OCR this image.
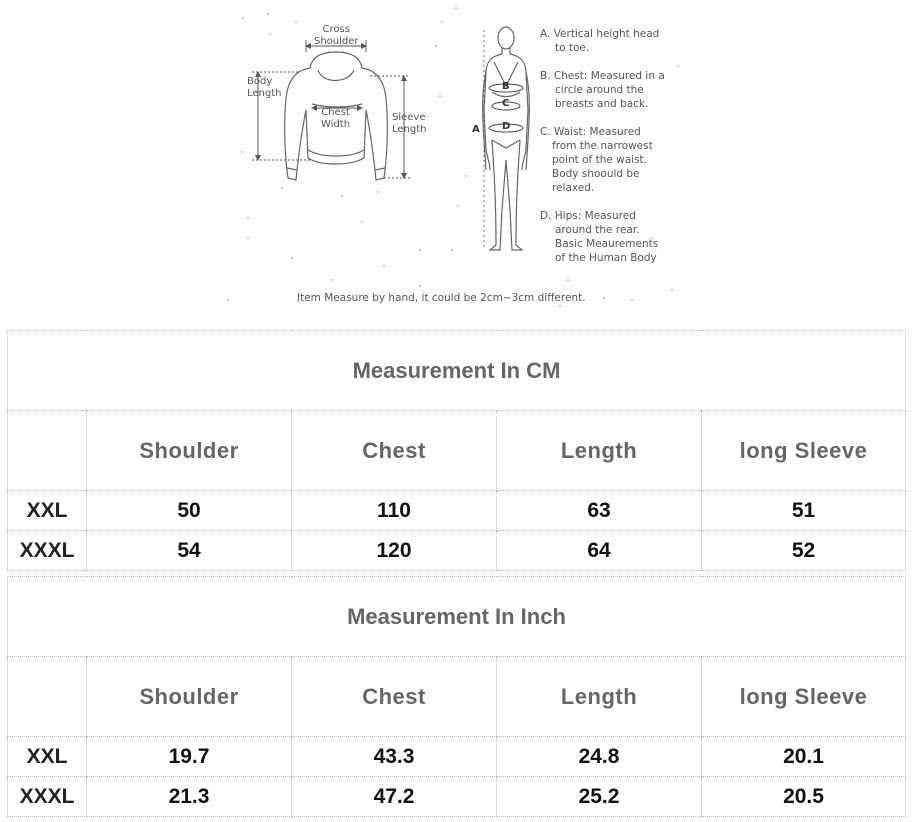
Cross
Shoulder
Body
Length
Chest
Width
Sleeve
Length	A
B
C
D
A. Vertical height head
to toe.
B. Chest: Measured in a
circle around the
breasts and back.
C. Waist: Measured
from the narrowest
point of the waist.
Body shoould be
relaxed.
D. Hips: Measured
around the rear.
Basic Meaurements
of the Human Body
Item Measure by hand, it could be 2cm~3cm different.
Measurement In CM				
	Shoulder	Chest	Length	long Sleeve
XXL	50	110	63	51
XXXL	54	120	64	52
Measurement In Inch				
	Shoulder	Chest	Length	long Sleeve
XXL	19.7	43.3	24.8	20.1
XXXL	21.3	47.2	25.2	20.5
